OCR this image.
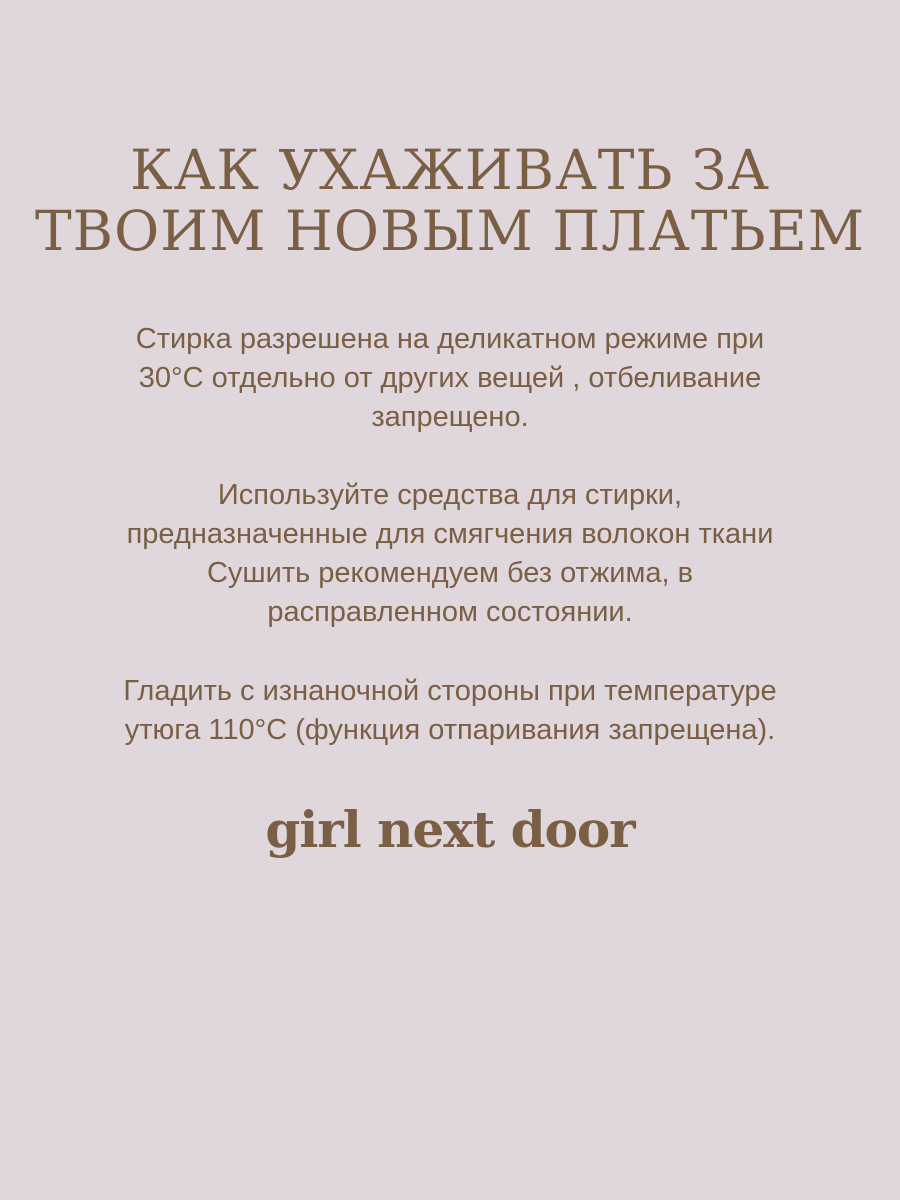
КАК УХАЖИВАТЬ ЗА
ТВОИМ НОВЫМ ПЛАТЬЕМ

Стирка разрешена на деликатном режиме при
30°С отдельно от других вещей , отбеливание
запрещено.

Используйте средства для стирки,
предназначенные для смягчения волокон ткани
Сушить рекомендуем без отжима, в
расправленном состоянии.

Гладить с изнаночной стороны при температуре
утюга 110°С (функция отпаривания запрещена).

girl next door
